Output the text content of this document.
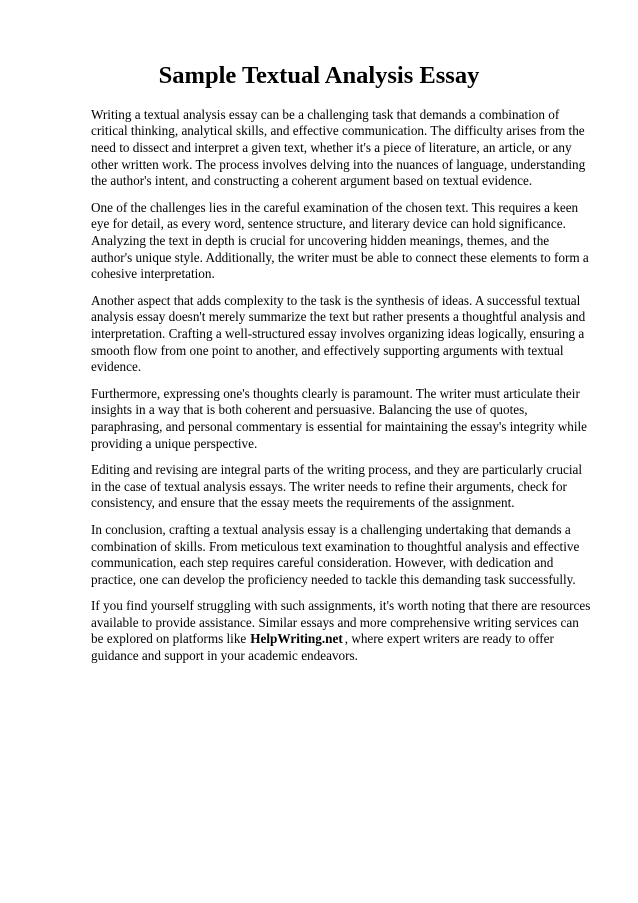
Sample Textual Analysis Essay

Writing a textual analysis essay can be a challenging task that demands a combination of critical thinking, analytical skills, and effective communication. The difficulty arises from the need to dissect and interpret a given text, whether it's a piece of literature, an article, or any other written work. The process involves delving into the nuances of language, understanding the author's intent, and constructing a coherent argument based on textual evidence.

One of the challenges lies in the careful examination of the chosen text. This requires a keen eye for detail, as every word, sentence structure, and literary device can hold significance. Analyzing the text in depth is crucial for uncovering hidden meanings, themes, and the author's unique style. Additionally, the writer must be able to connect these elements to form a cohesive interpretation.

Another aspect that adds complexity to the task is the synthesis of ideas. A successful textual analysis essay doesn't merely summarize the text but rather presents a thoughtful analysis and interpretation. Crafting a well-structured essay involves organizing ideas logically, ensuring a smooth flow from one point to another, and effectively supporting arguments with textual evidence.

Furthermore, expressing one's thoughts clearly is paramount. The writer must articulate their insights in a way that is both coherent and persuasive. Balancing the use of quotes, paraphrasing, and personal commentary is essential for maintaining the essay's integrity while providing a unique perspective.

Editing and revising are integral parts of the writing process, and they are particularly crucial in the case of textual analysis essays. The writer needs to refine their arguments, check for consistency, and ensure that the essay meets the requirements of the assignment.

In conclusion, crafting a textual analysis essay is a challenging undertaking that demands a combination of skills. From meticulous text examination to thoughtful analysis and effective communication, each step requires careful consideration. However, with dedication and practice, one can develop the proficiency needed to tackle this demanding task successfully.

If you find yourself struggling with such assignments, it's worth noting that there are resources available to provide assistance. Similar essays and more comprehensive writing services can be explored on platforms like HelpWriting.net , where expert writers are ready to offer guidance and support in your academic endeavors.
